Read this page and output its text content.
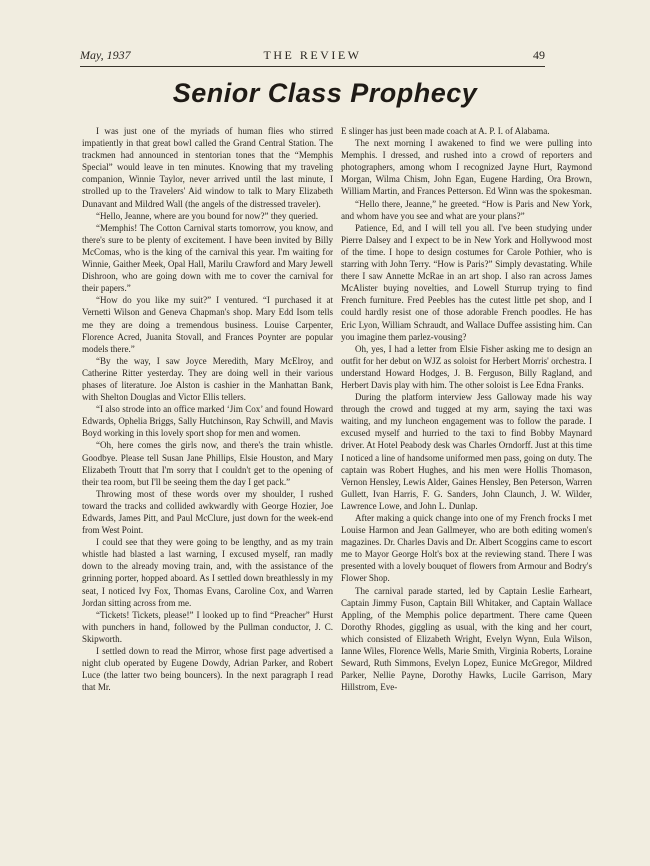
May, 1937	THE REVIEW	49
Senior Class Prophecy

I was just one of the myriads of human flies who stirred impatiently in that great bowl called the Grand Central Station. The trackmen had announced in stentorian tones that the “Memphis Special” would leave in ten minutes. Knowing that my traveling companion, Winnie Taylor, never arrived until the last minute, I strolled up to the Travelers' Aid window to talk to Mary Elizabeth Dunavant and Mildred Wall (the angels of the distressed traveler).

“Hello, Jeanne, where are you bound for now?” they queried.

“Memphis! The Cotton Carnival starts tomorrow, you know, and there's sure to be plenty of excitement. I have been invited by Billy McComas, who is the king of the carnival this year. I'm waiting for Winnie, Gaither Meek, Opal Hall, Marilu Crawford and Mary Jewell Dishroon, who are going down with me to cover the carnival for their papers.”

“How do you like my suit?” I ventured. “I purchased it at Vernetti Wilson and Geneva Chapman's shop. Mary Edd Isom tells me they are doing a tremendous business. Louise Carpenter, Florence Acred, Juanita Stovall, and Frances Poynter are popular models there.”

“By the way, I saw Joyce Meredith, Mary McElroy, and Catherine Ritter yesterday. They are doing well in their various phases of literature. Joe Alston is cashier in the Manhattan Bank, with Shelton Douglas and Victor Ellis tellers.

“I also strode into an office marked ‘Jim Cox’ and found Howard Edwards, Ophelia Briggs, Sally Hutchinson, Ray Schwill, and Mavis Boyd working in this lovely sport shop for men and women.

“Oh, here comes the girls now, and there's the train whistle. Goodbye. Please tell Susan Jane Phillips, Elsie Houston, and Mary Elizabeth Troutt that I'm sorry that I couldn't get to the opening of their tea room, but I'll be seeing them the day I get pack.”

Throwing most of these words over my shoulder, I rushed toward the tracks and collided awkwardly with George Hozier, Joe Edwards, James Pitt, and Paul McClure, just down for the week-end from West Point.

I could see that they were going to be lengthy, and as my train whistle had blasted a last warning, I excused myself, ran madly down to the already moving train, and, with the assistance of the grinning porter, hopped aboard. As I settled down breathlessly in my seat, I noticed Ivy Fox, Thomas Evans, Caroline Cox, and Warren Jordan sitting across from me.

“Tickets! Tickets, please!” I looked up to find “Preacher” Hurst with punchers in hand, followed by the Pullman conductor, J. C. Skipworth.

I settled down to read the Mirror, whose first page advertised a night club operated by Eugene Dowdy, Adrian Parker, and Robert Luce (the latter two being bouncers). In the next paragraph I read that Mr.

E slinger has just been made coach at A. P. I. of Alabama.

The next morning I awakened to find we were pulling into Memphis. I dressed, and rushed into a crowd of reporters and photographers, among whom I recognized Jayne Hurt, Raymond Morgan, Wilma Chism, John Egan, Eugene Harding, Ora Brown, William Martin, and Frances Petterson. Ed Winn was the spokesman.

“Hello there, Jeanne,” he greeted. “How is Paris and New York, and whom have you see and what are your plans?”

Patience, Ed, and I will tell you all. I've been studying under Pierre Dalsey and I expect to be in New York and Hollywood most of the time. I hope to design costumes for Carole Pothier, who is starring with John Terry. “How is Paris?” Simply devastating. While there I saw Annette McRae in an art shop. I also ran across James McAlister buying novelties, and Lowell Sturrup trying to find French furniture. Fred Peebles has the cutest little pet shop, and I could hardly resist one of those adorable French poodles. He has Eric Lyon, William Schraudt, and Wallace Duffee assisting him. Can you imagine them parlez-vousing?

Oh, yes, I had a letter from Elsie Fisher asking me to design an outfit for her debut on WJZ as soloist for Herbert Morris' orchestra. I understand Howard Hodges, J. B. Ferguson, Billy Ragland, and Herbert Davis play with him. The other soloist is Lee Edna Franks.

During the platform interview Jess Galloway made his way through the crowd and tugged at my arm, saying the taxi was waiting, and my luncheon engagement was to follow the parade. I excused myself and hurried to the taxi to find Bobby Maynard driver. At Hotel Peabody desk was Charles Orndorff. Just at this time I noticed a line of handsome uniformed men pass, going on duty. The captain was Robert Hughes, and his men were Hollis Thomason, Vernon Hensley, Lewis Alder, Gaines Hensley, Ben Peterson, Warren Gullett, Ivan Harris, F. G. Sanders, John Claunch, J. W. Wilder, Lawrence Lowe, and John L. Dunlap.

After making a quick change into one of my French frocks I met Louise Harmon and Jean Gallmeyer, who are both editing women's magazines. Dr. Charles Davis and Dr. Albert Scoggins came to escort me to Mayor George Holt's box at the reviewing stand. There I was presented with a lovely bouquet of flowers from Armour and Bodry's Flower Shop.

The carnival parade started, led by Captain Leslie Earheart, Captain Jimmy Fuson, Captain Bill Whitaker, and Captain Wallace Appling, of the Memphis police department. There came Queen Dorothy Rhodes, giggling as usual, with the king and her court, which consisted of Elizabeth Wright, Evelyn Wynn, Eula Wilson, Ianne Wiles, Florence Wells, Marie Smith, Virginia Roberts, Loraine Seward, Ruth Simmons, Evelyn Lopez, Eunice McGregor, Mildred Parker, Nellie Payne, Dorothy Hawks, Lucile Garrison, Mary Hillstrom, Eve-
